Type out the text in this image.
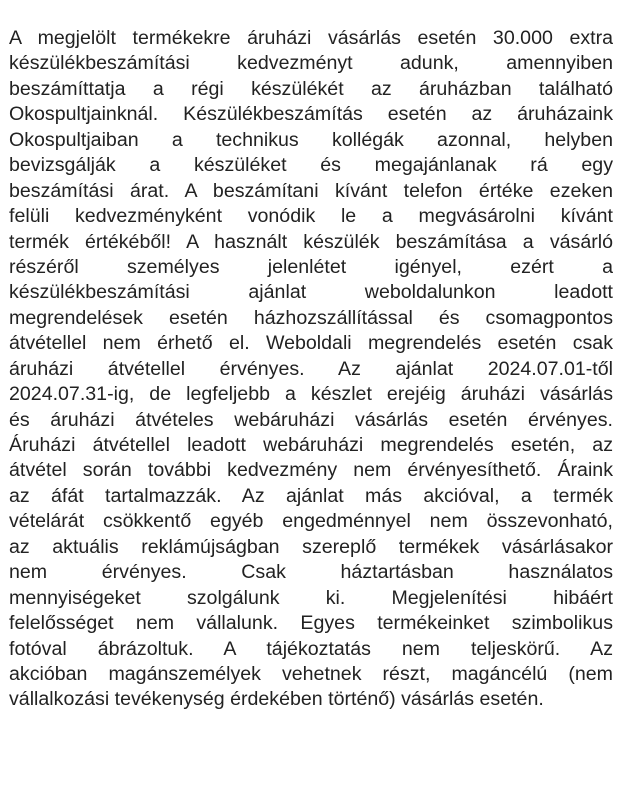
A megjelölt termékekre áruházi vásárlás esetén 30.000 extra
készülékbeszámítási kedvezményt adunk, amennyiben
beszámíttatja a régi készülékét az áruházban található
Okospultjainknál. Készülékbeszámítás esetén az áruházaink
Okospultjaiban a technikus kollégák azonnal, helyben
bevizsgálják a készüléket és megajánlanak rá egy
beszámítási árat. A beszámítani kívánt telefon értéke ezeken
felüli kedvezményként vonódik le a megvásárolni kívánt
termék értékéből! A használt készülék beszámítása a vásárló
részéről személyes jelenlétet igényel, ezért a
készülékbeszámítási ajánlat weboldalunkon leadott
megrendelések esetén házhozszállítással és csomagpontos
átvétellel nem érhető el. Weboldali megrendelés esetén csak
áruházi átvétellel érvényes. Az ajánlat 2024.07.01-től
2024.07.31-ig, de legfeljebb a készlet erejéig áruházi vásárlás
és áruházi átvételes webáruházi vásárlás esetén érvényes.
Áruházi átvétellel leadott webáruházi megrendelés esetén, az
átvétel során további kedvezmény nem érvényesíthető. Áraink
az áfát tartalmazzák. Az ajánlat más akcióval, a termék
vételárát csökkentő egyéb engedménnyel nem összevonható,
az aktuális reklámújságban szereplő termékek vásárlásakor
nem érvényes. Csak háztartásban használatos
mennyiségeket szolgálunk ki. Megjelenítési hibáért
felelősséget nem vállalunk. Egyes termékeinket szimbolikus
fotóval ábrázoltuk. A tájékoztatás nem teljeskörű. Az
akcióban magánszemélyek vehetnek részt, magáncélú (nem
vállalkozási tevékenység érdekében történő) vásárlás esetén.
